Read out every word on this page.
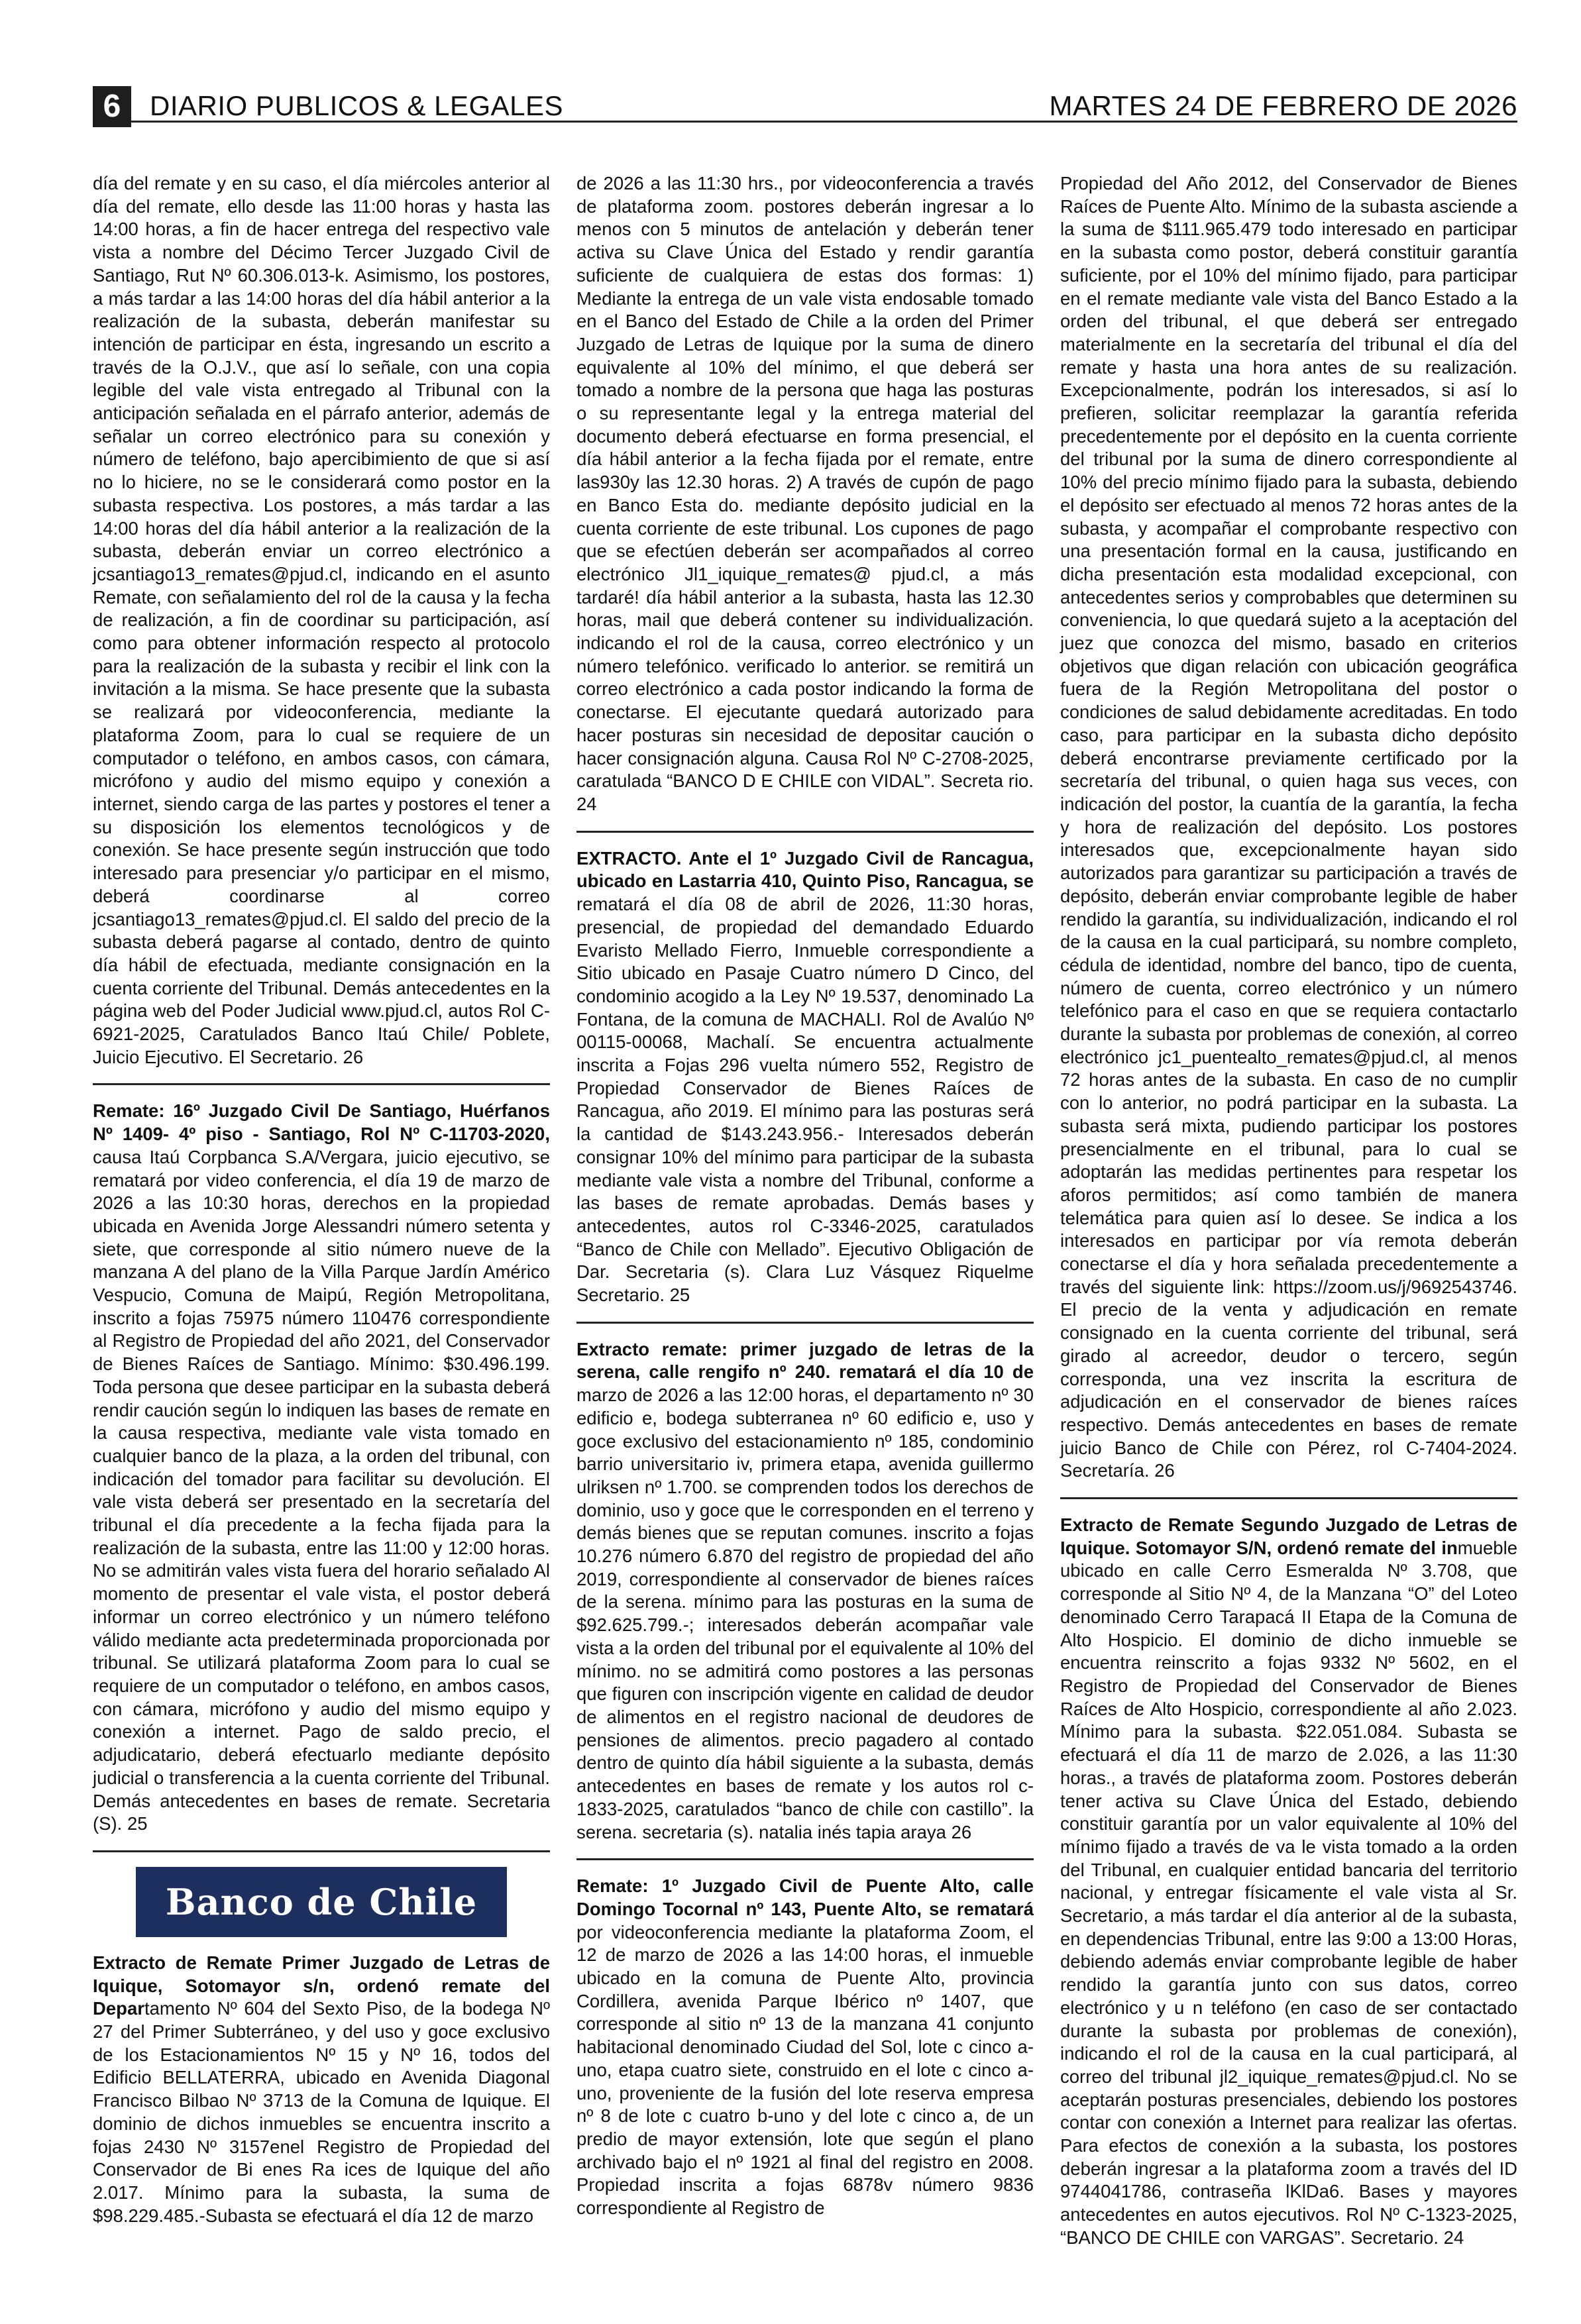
6	DIARIO PUBLICOS & LEGALES	MARTES 24 DE FEBRERO DE 2026

día del remate y en su caso, el día miércoles anterior al día del remate, ello desde las 11:00 horas y hasta las 14:00 horas, a fin de hacer entrega del respectivo vale vista a nombre del Décimo Tercer Juzgado Civil de Santiago, Rut Nº 60.306.013-k. Asimismo, los postores, a más tardar a las 14:00 horas del día hábil anterior a la realización de la subasta, deberán manifestar su intención de participar en ésta, ingresando un escrito a través de la O.J.V., que así lo señale, con una copia legible del vale vista entregado al Tribunal con la anticipación señalada en el párrafo anterior, además de señalar un correo electrónico para su conexión y número de teléfono, bajo apercibimiento de que si así no lo hiciere, no se le considerará como postor en la subasta respectiva. Los postores, a más tardar a las 14:00 horas del día hábil anterior a la realización de la subasta, deberán enviar un correo electrónico a jcsantiago13_remates@pjud.cl, indicando en el asunto Remate, con señalamiento del rol de la causa y la fecha de realización, a fin de coordinar su participación, así como para obtener información respecto al protocolo para la realización de la subasta y recibir el link con la invitación a la misma. Se hace presente que la subasta se realizará por videoconferencia, mediante la plataforma Zoom, para lo cual se requiere de un computador o teléfono, en ambos casos, con cámara, micrófono y audio del mismo equipo y conexión a internet, siendo carga de las partes y postores el tener a su disposición los elementos tecnológicos y de conexión. Se hace presente según instrucción que todo interesado para presenciar y/o participar en el mismo, deberá coordinarse al correo jcsantiago13_remates@pjud.cl. El saldo del precio de la subasta deberá pagarse al contado, dentro de quinto día hábil de efectuada, mediante consignación en la cuenta corriente del Tribunal. Demás antecedentes en la página web del Poder Judicial www.pjud.cl, autos Rol C-6921-2025, Caratulados Banco Itaú Chile/ Poblete, Juicio Ejecutivo. El Secretario. 26

Remate: 16º Juzgado Civil De Santiago, Huérfanos Nº 1409- 4º piso - Santiago, Rol Nº C-11703-2020, causa Itaú Corpbanca S.A/Vergara, juicio ejecutivo, se rematará por video conferencia, el día 19 de marzo de 2026 a las 10:30 horas, derechos en la propiedad ubicada en Avenida Jorge Alessandri número setenta y siete, que corresponde al sitio número nueve de la manzana A del plano de la Villa Parque Jardín Américo Vespucio, Comuna de Maipú, Región Metropolitana, inscrito a fojas 75975 número 110476 correspondiente al Registro de Propiedad del año 2021, del Conservador de Bienes Raíces de Santiago. Mínimo: $30.496.199. Toda persona que desee participar en la subasta deberá rendir caución según lo indiquen las bases de remate en la causa respectiva, mediante vale vista tomado en cualquier banco de la plaza, a la orden del tribunal, con indicación del tomador para facilitar su devolución. El vale vista deberá ser presentado en la secretaría del tribunal el día precedente a la fecha fijada para la realización de la subasta, entre las 11:00 y 12:00 horas. No se admitirán vales vista fuera del horario señalado Al momento de presentar el vale vista, el postor deberá informar un correo electrónico y un número teléfono válido mediante acta predeterminada proporcionada por tribunal. Se utilizará plataforma Zoom para lo cual se requiere de un computador o teléfono, en ambos casos, con cámara, micrófono y audio del mismo equipo y conexión a internet. Pago de saldo precio, el adjudicatario, deberá efectuarlo mediante depósito judicial o transferencia a la cuenta corriente del Tribunal. Demás antecedentes en bases de remate. Secretaria (S). 25

Banco de Chile

Extracto de Remate Primer Juzgado de Letras de Iquique, Sotomayor s/n, ordenó remate del Departamento Nº 604 del Sexto Piso, de la bodega Nº 27 del Primer Subterráneo, y del uso y goce exclusivo de los Estacionamientos Nº 15 y Nº 16, todos del Edificio BELLATERRA, ubicado en Avenida Diagonal Francisco Bilbao Nº 3713 de la Comuna de Iquique. El dominio de dichos inmuebles se encuentra inscrito a fojas 2430 Nº 3157enel Registro de Propiedad del Conservador de Bi enes Ra ices de Iquique del año 2.017. Mínimo para la subasta, la suma de $98.229.485.-Subasta se efectuará el día 12 de marzo

de 2026 a las 11:30 hrs., por videoconferencia a través de plataforma zoom. postores deberán ingresar a lo menos con 5 minutos de antelación y deberán tener activa su Clave Única del Estado y rendir garantía suficiente de cualquiera de estas dos formas: 1) Mediante la entrega de un vale vista endosable tomado en el Banco del Estado de Chile a la orden del Primer Juzgado de Letras de Iquique por la suma de dinero equivalente al 10% del mínimo, el que deberá ser tomado a nombre de la persona que haga las posturas o su representante legal y la entrega material del documento deberá efectuarse en forma presencial, el día hábil anterior a la fecha fijada por el remate, entre las930y las 12.30 horas. 2) A través de cupón de pago en Banco Esta do. mediante depósito judicial en la cuenta corriente de este tribunal. Los cupones de pago que se efectúen deberán ser acompañados al correo electrónico Jl1_iquique_remates@ pjud.cl, a más tardaré! día hábil anterior a la subasta, hasta las 12.30 horas, mail que deberá contener su individualización. indicando el rol de la causa, correo electrónico y un número telefónico. verificado lo anterior. se remitirá un correo electrónico a cada postor indicando la forma de conectarse. El ejecutante quedará autorizado para hacer posturas sin necesidad de depositar caución o hacer consignación alguna. Causa Rol Nº C-2708-2025, caratulada “BANCO D E CHILE con VIDAL”. Secreta rio. 24

EXTRACTO. Ante el 1º Juzgado Civil de Rancagua, ubicado en Lastarria 410, Quinto Piso, Rancagua, se rematará el día 08 de abril de 2026, 11:30 horas, presencial, de propiedad del demandado Eduardo Evaristo Mellado Fierro, Inmueble correspondiente a Sitio ubicado en Pasaje Cuatro número D Cinco, del condominio acogido a la Ley Nº 19.537, denominado La Fontana, de la comuna de MACHALI. Rol de Avalúo Nº 00115-00068, Machalí. Se encuentra actualmente inscrita a Fojas 296 vuelta número 552, Registro de Propiedad Conservador de Bienes Raíces de Rancagua, año 2019. El mínimo para las posturas será la cantidad de $143.243.956.- Interesados deberán consignar 10% del mínimo para participar de la subasta mediante vale vista a nombre del Tribunal, conforme a las bases de remate aprobadas. Demás bases y antecedentes, autos rol C-3346-2025, caratulados “Banco de Chile con Mellado”. Ejecutivo Obligación de Dar. Secretaria (s). Clara Luz Vásquez Riquelme Secretario. 25

Extracto remate: primer juzgado de letras de la serena, calle rengifo nº 240. rematará el día 10 de marzo de 2026 a las 12:00 horas, el departamento nº 30 edificio e, bodega subterranea nº 60 edificio e, uso y goce exclusivo del estacionamiento nº 185, condominio barrio universitario iv, primera etapa, avenida guillermo ulriksen nº 1.700. se comprenden todos los derechos de dominio, uso y goce que le corresponden en el terreno y demás bienes que se reputan comunes. inscrito a fojas 10.276 número 6.870 del registro de propiedad del año 2019, correspondiente al conservador de bienes raíces de la serena. mínimo para las posturas en la suma de $92.625.799.-; interesados deberán acompañar vale vista a la orden del tribunal por el equivalente al 10% del mínimo. no se admitirá como postores a las personas que figuren con inscripción vigente en calidad de deudor de alimentos en el registro nacional de deudores de pensiones de alimentos. precio pagadero al contado dentro de quinto día hábil siguiente a la subasta, demás antecedentes en bases de remate y los autos rol c-1833-2025, caratulados “banco de chile con castillo”. la serena. secretaria (s). natalia inés tapia araya 26

Remate: 1º Juzgado Civil de Puente Alto, calle Domingo Tocornal nº 143, Puente Alto, se rematará por videoconferencia mediante la plataforma Zoom, el 12 de marzo de 2026 a las 14:00 horas, el inmueble ubicado en la comuna de Puente Alto, provincia Cordillera, avenida Parque Ibérico nº 1407, que corresponde al sitio nº 13 de la manzana 41 conjunto habitacional denominado Ciudad del Sol, lote c cinco a-uno, etapa cuatro siete, construido en el lote c cinco a-uno, proveniente de la fusión del lote reserva empresa nº 8 de lote c cuatro b-uno y del lote c cinco a, de un predio de mayor extensión, lote que según el plano archivado bajo el nº 1921 al final del registro en 2008. Propiedad inscrita a fojas 6878v número 9836 correspondiente al Registro de

Propiedad del Año 2012, del Conservador de Bienes Raíces de Puente Alto. Mínimo de la subasta asciende a la suma de $111.965.479 todo interesado en participar en la subasta como postor, deberá constituir garantía suficiente, por el 10% del mínimo fijado, para participar en el remate mediante vale vista del Banco Estado a la orden del tribunal, el que deberá ser entregado materialmente en la secretaría del tribunal el día del remate y hasta una hora antes de su realización. Excepcionalmente, podrán los interesados, si así lo prefieren, solicitar reemplazar la garantía referida precedentemente por el depósito en la cuenta corriente del tribunal por la suma de dinero correspondiente al 10% del precio mínimo fijado para la subasta, debiendo el depósito ser efectuado al menos 72 horas antes de la subasta, y acompañar el comprobante respectivo con una presentación formal en la causa, justificando en dicha presentación esta modalidad excepcional, con antecedentes serios y comprobables que determinen su conveniencia, lo que quedará sujeto a la aceptación del juez que conozca del mismo, basado en criterios objetivos que digan relación con ubicación geográfica fuera de la Región Metropolitana del postor o condiciones de salud debidamente acreditadas. En todo caso, para participar en la subasta dicho depósito deberá encontrarse previamente certificado por la secretaría del tribunal, o quien haga sus veces, con indicación del postor, la cuantía de la garantía, la fecha y hora de realización del depósito. Los postores interesados que, excepcionalmente hayan sido autorizados para garantizar su participación a través de depósito, deberán enviar comprobante legible de haber rendido la garantía, su individualización, indicando el rol de la causa en la cual participará, su nombre completo, cédula de identidad, nombre del banco, tipo de cuenta, número de cuenta, correo electrónico y un número telefónico para el caso en que se requiera contactarlo durante la subasta por problemas de conexión, al correo electrónico jc1_puentealto_remates@pjud.cl, al menos 72 horas antes de la subasta. En caso de no cumplir con lo anterior, no podrá participar en la subasta. La subasta será mixta, pudiendo participar los postores presencialmente en el tribunal, para lo cual se adoptarán las medidas pertinentes para respetar los aforos permitidos; así como también de manera telemática para quien así lo desee. Se indica a los interesados en participar por vía remota deberán conectarse el día y hora señalada precedentemente a través del siguiente link: https://zoom.us/j/9692543746. El precio de la venta y adjudicación en remate consignado en la cuenta corriente del tribunal, será girado al acreedor, deudor o tercero, según corresponda, una vez inscrita la escritura de adjudicación en el conservador de bienes raíces respectivo. Demás antecedentes en bases de remate juicio Banco de Chile con Pérez, rol C-7404-2024. Secretaría. 26

Extracto de Remate Segundo Juzgado de Letras de Iquique. Sotomayor S/N, ordenó remate del inmueble ubicado en calle Cerro Esmeralda Nº 3.708, que corresponde al Sitio Nº 4, de la Manzana “O” del Loteo denominado Cerro Tarapacá II Etapa de la Comuna de Alto Hospicio. El dominio de dicho inmueble se encuentra reinscrito a fojas 9332 Nº 5602, en el Registro de Propiedad del Conservador de Bienes Raíces de Alto Hospicio, correspondiente al año 2.023. Mínimo para la subasta. $22.051.084. Subasta se efectuará el día 11 de marzo de 2.026, a las 11:30 horas., a través de plataforma zoom. Postores deberán tener activa su Clave Única del Estado, debiendo constituir garantía por un valor equivalente al 10% del mínimo fijado a través de va le vista tomado a la orden del Tribunal, en cualquier entidad bancaria del territorio nacional, y entregar físicamente el vale vista al Sr. Secretario, a más tardar el día anterior al de la subasta, en dependencias Tribunal, entre las 9:00 a 13:00 Horas, debiendo además enviar comprobante legible de haber rendido la garantía junto con sus datos, correo electrónico y u n teléfono (en caso de ser contactado durante la subasta por problemas de conexión), indicando el rol de la causa en la cual participará, al correo del tribunal jl2_iquique_remates@pjud.cl. No se aceptarán posturas presenciales, debiendo los postores contar con conexión a Internet para realizar las ofertas. Para efectos de conexión a la subasta, los postores deberán ingresar a la plataforma zoom a través del ID 9744041786, contraseña lKlDa6. Bases y mayores antecedentes en autos ejecutivos. Rol Nº C-1323-2025, “BANCO DE CHILE con VARGAS”. Secretario. 24
